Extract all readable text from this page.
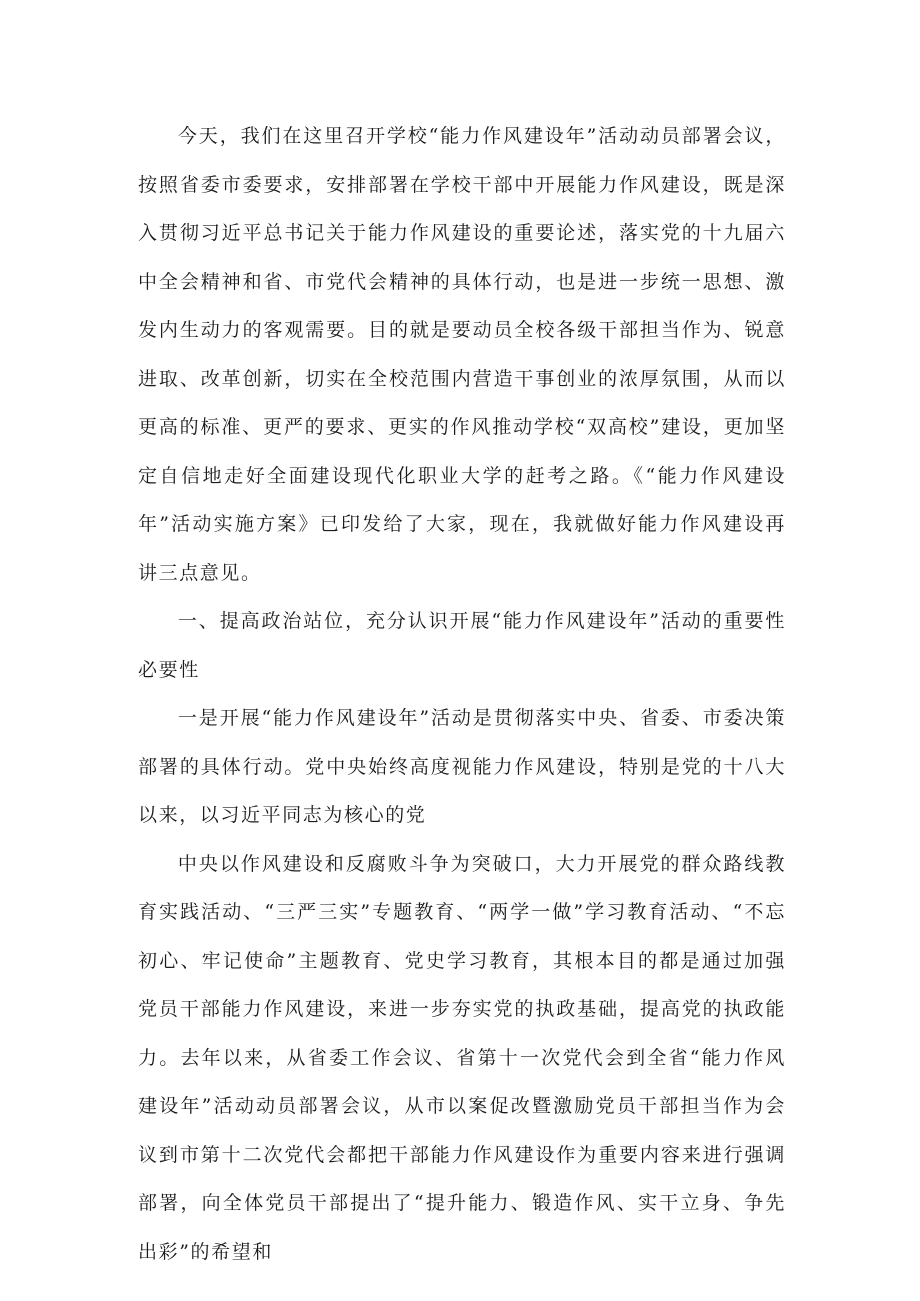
今天，我们在这里召开学校“能力作风建设年”活动动员部署会议，按照省委市委要求，安排部署在学校干部中开展能力作风建设，既是深入贯彻习近平总书记关于能力作风建设的重要论述，落实党的十九届六中全会精神和省、市党代会精神的具体行动，也是进一步统一思想、激发内生动力的客观需要。目的就是要动员全校各级干部担当作为、锐意进取、改革创新，切实在全校范围内营造干事创业的浓厚氛围，从而以更高的标准、更严的要求、更实的作风推动学校“双高校”建设，更加坚定自信地走好全面建设现代化职业大学的赶考之路。《“能力作风建设年”活动实施方案》已印发给了大家，现在，我就做好能力作风建设再讲三点意见。

一、提高政治站位，充分认识开展“能力作风建设年”活动的重要性必要性

一是开展“能力作风建设年”活动是贯彻落实中央、省委、市委决策部署的具体行动。党中央始终高度视能力作风建设，特别是党的十八大以来，以习近平同志为核心的党

中央以作风建设和反腐败斗争为突破口，大力开展党的群众路线教育实践活动、“三严三实”专题教育、“两学一做”学习教育活动、“不忘初心、牢记使命”主题教育、党史学习教育，其根本目的都是通过加强党员干部能力作风建设，来进一步夯实党的执政基础，提高党的执政能力。去年以来，从省委工作会议、省第十一次党代会到全省“能力作风建设年”活动动员部署会议，从市以案促改暨激励党员干部担当作为会议到市第十二次党代会都把干部能力作风建设作为重要内容来进行强调部署，向全体党员干部提出了“提升能力、锻造作风、实干立身、争先出彩”的希望和
